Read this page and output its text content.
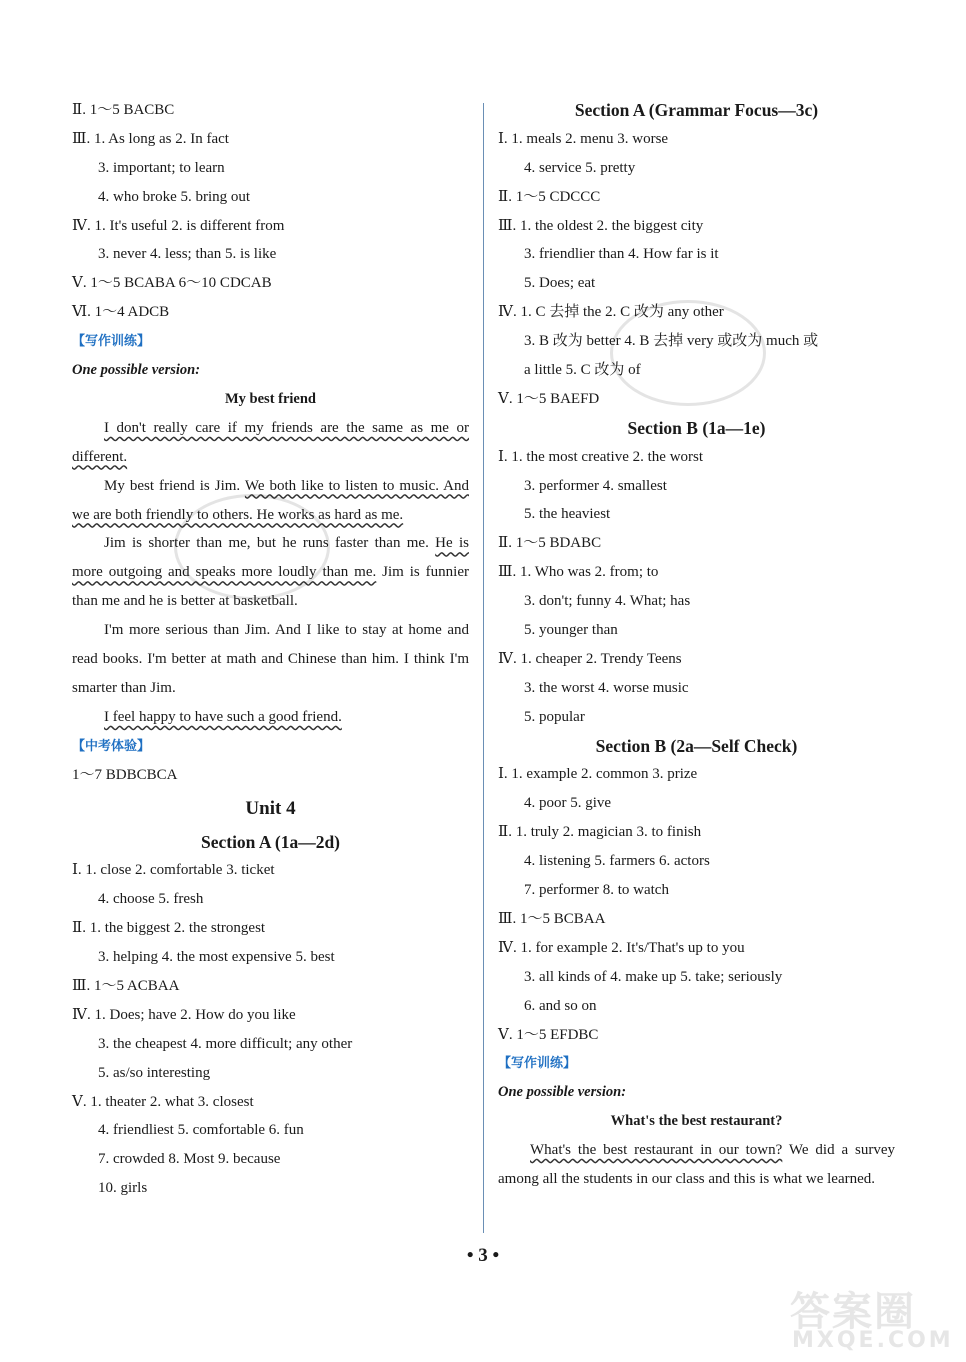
Ⅱ. 1～5 BACBC
Ⅲ. 1. As long as 2. In fact
3. important; to learn
4. who broke 5. bring out
Ⅳ. 1. It's useful 2. is different from
3. never 4. less; than 5. is like
Ⅴ. 1～5 BCABA 6～10 CDCAB
Ⅵ. 1～4 ADCB
【写作训练】
One possible version:
My best friend

I don't really care if my friends are the same as me or different.

My best friend is Jim. We both like to listen to music. And we are both friendly to others. He works as hard as me.

Jim is shorter than me, but he runs faster than me. He is more outgoing and speaks more loudly than me. Jim is funnier than me and he is better at basketball.

I'm more serious than Jim. And I like to stay at home and read books. I'm better at math and Chinese than him. I think I'm smarter than Jim.

I feel happy to have such a good friend.

【中考体验】
1～7 BDBCBCA
Unit 4
Section A (1a—2d)
Ⅰ. 1. close 2. comfortable 3. ticket
4. choose 5. fresh
Ⅱ. 1. the biggest 2. the strongest
3. helping 4. the most expensive 5. best
Ⅲ. 1～5 ACBAA
Ⅳ. 1. Does; have 2. How do you like
3. the cheapest 4. more difficult; any other
5. as/so interesting
Ⅴ. 1. theater 2. what 3. closest
4. friendliest 5. comfortable 6. fun
7. crowded 8. Most 9. because
10. girls
Section A (Grammar Focus—3c)
Ⅰ. 1. meals 2. menu 3. worse
4. service 5. pretty
Ⅱ. 1～5 CDCCC
Ⅲ. 1. the oldest 2. the biggest city
3. friendlier than 4. How far is it
5. Does; eat
Ⅳ. 1. C 去掉 the 2. C 改为 any other
3. B 改为 better 4. B 去掉 very 或改为 much 或
a little 5. C 改为 of
Ⅴ. 1～5 BAEFD
Section B (1a—1e)
Ⅰ. 1. the most creative 2. the worst
3. performer 4. smallest
5. the heaviest
Ⅱ. 1～5 BDABC
Ⅲ. 1. Who was 2. from; to
3. don't; funny 4. What; has
5. younger than
Ⅳ. 1. cheaper 2. Trendy Teens
3. the worst 4. worse music
5. popular
Section B (2a—Self Check)
Ⅰ. 1. example 2. common 3. prize
4. poor 5. give
Ⅱ. 1. truly 2. magician 3. to finish
4. listening 5. farmers 6. actors
7. performer 8. to watch
Ⅲ. 1～5 BCBAA
Ⅳ. 1. for example 2. It's/That's up to you
3. all kinds of 4. make up 5. take; seriously
6. and so on
Ⅴ. 1～5 EFDBC
【写作训练】
One possible version:
What's the best restaurant?

What's the best restaurant in our town? We did a survey among all the students in our class and this is what we learned.

• 3 •
答案圈
MXQE.COM
